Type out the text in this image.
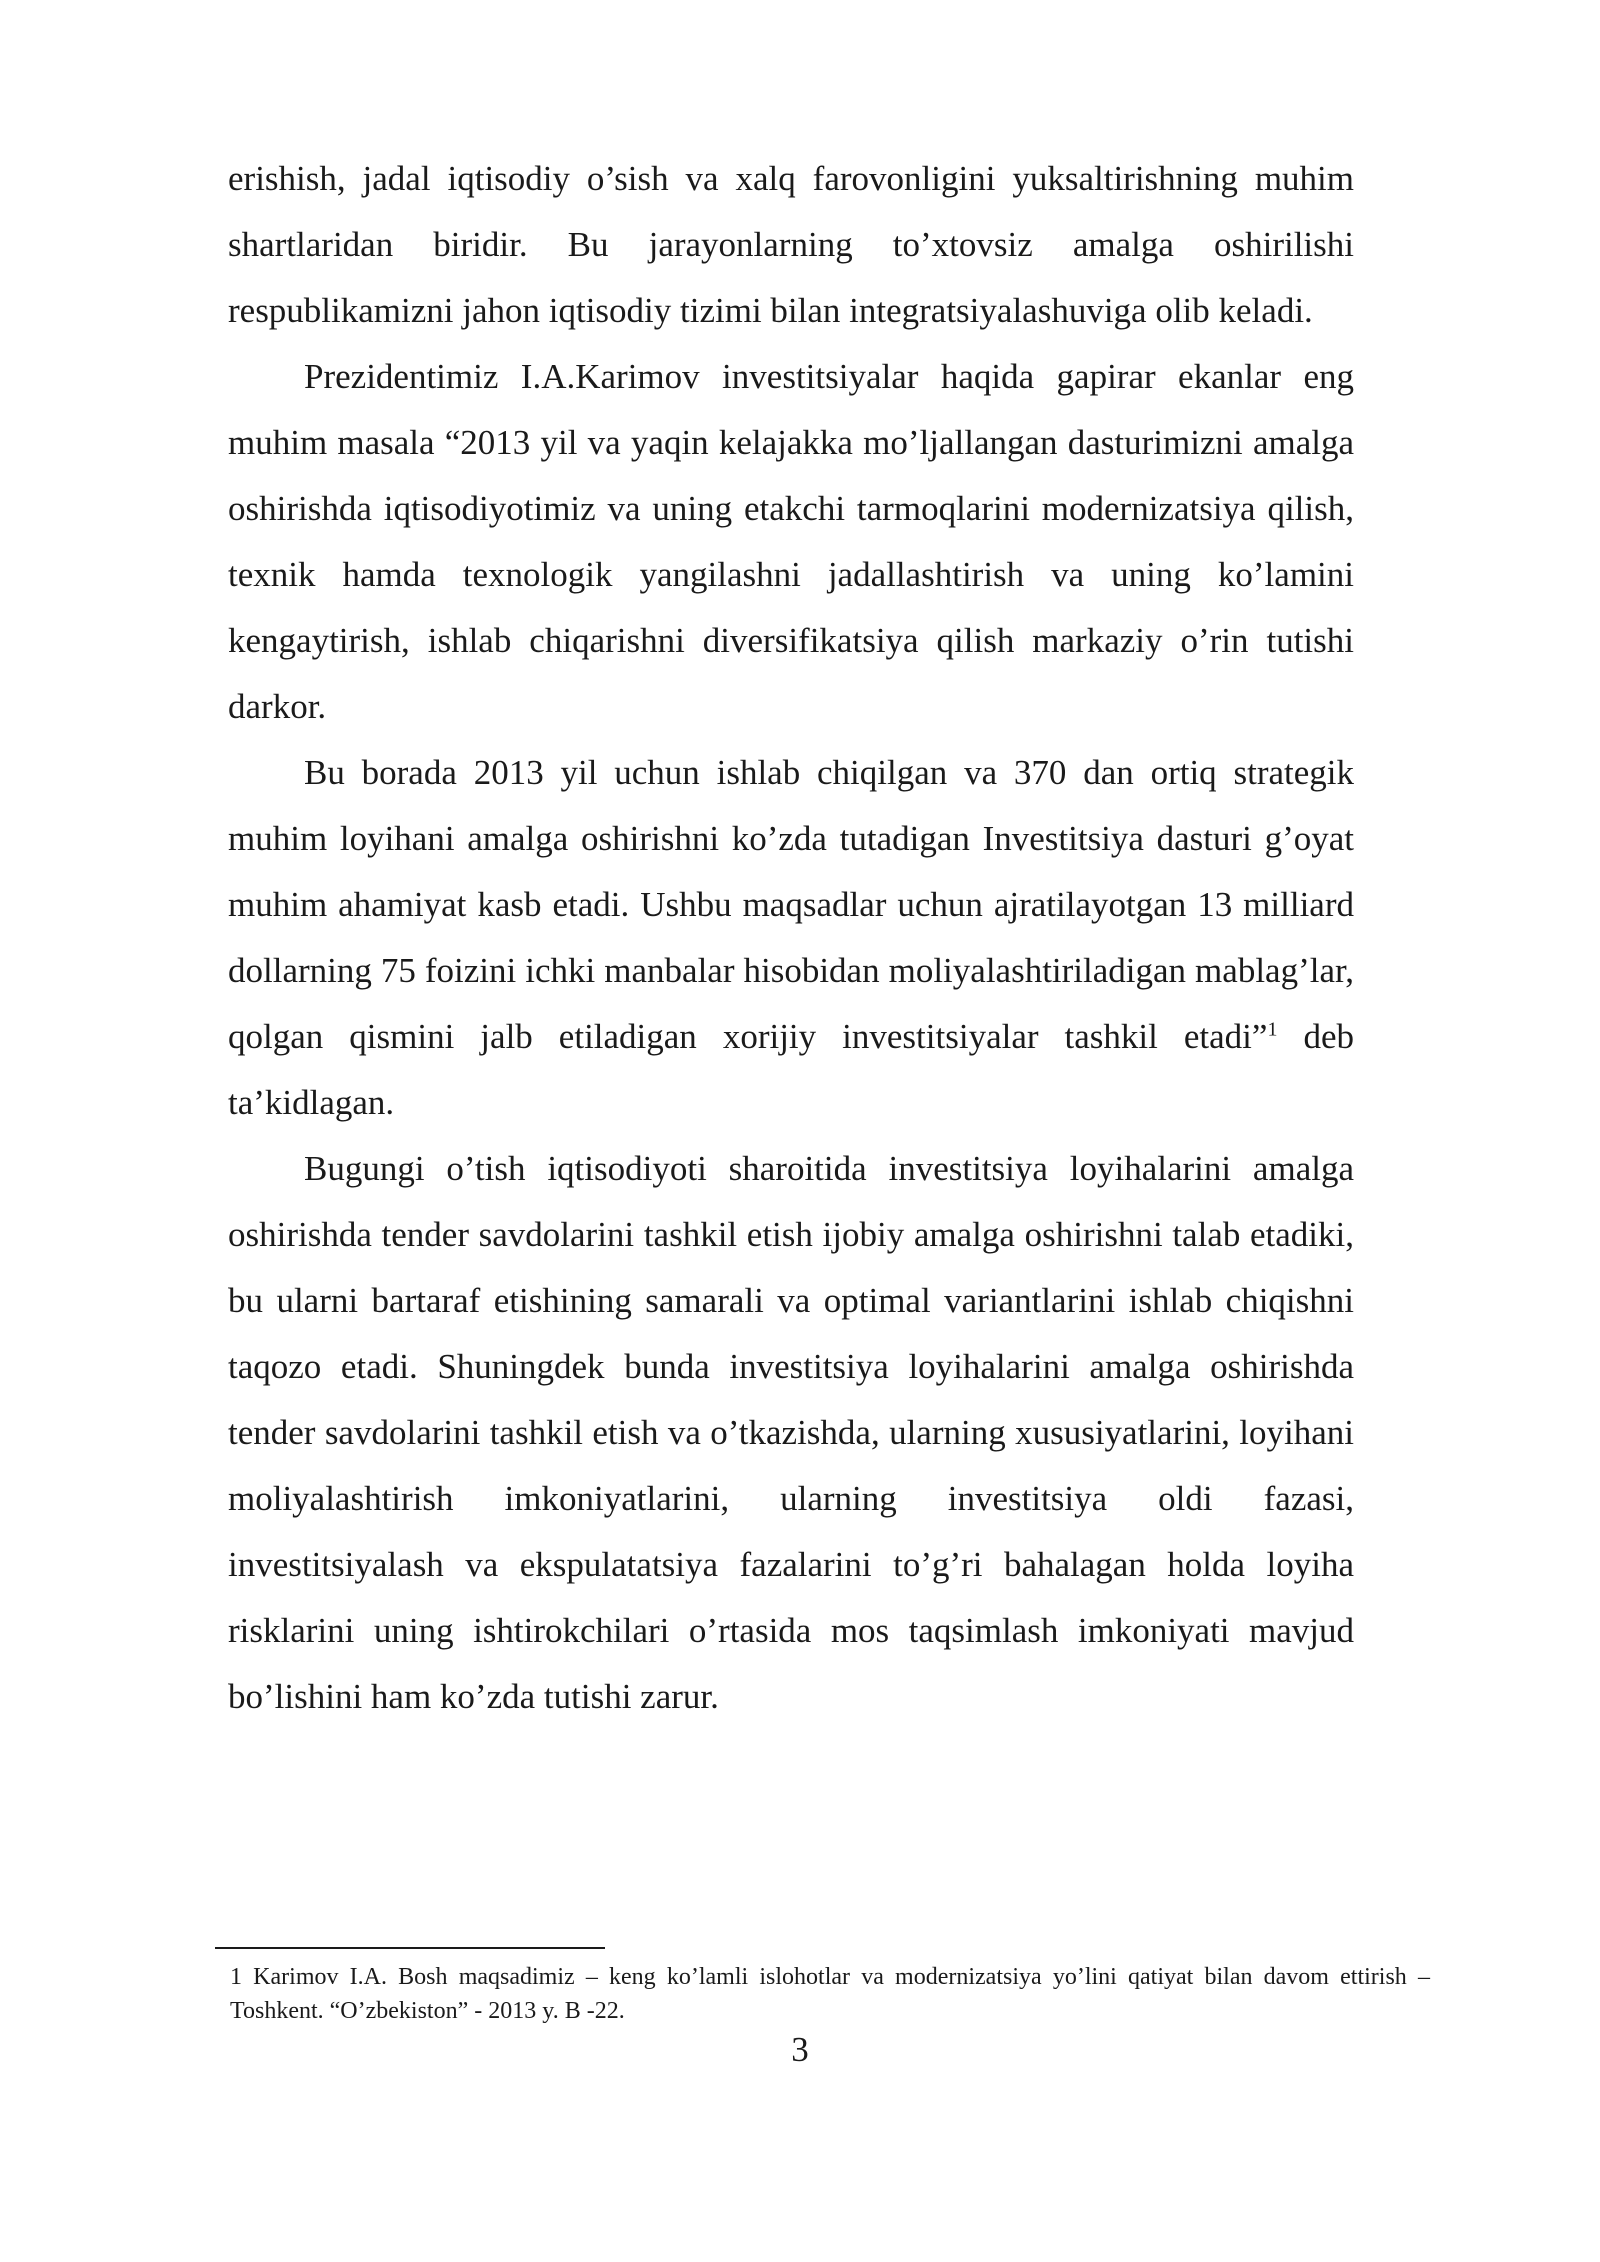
erishish, jadal iqtisodiy o’sish va xalq farovonligini yuksaltirishning muhim shartlaridan biridir. Bu jarayonlarning to’xtovsiz amalga oshirilishi respublikamizni jahon iqtisodiy tizimi bilan integratsiyalashuviga olib keladi.

Prezidentimiz I.A.Karimov investitsiyalar haqida gapirar ekanlar eng muhim masala “2013 yil va yaqin kelajakka mo’ljallangan dasturimizni amalga oshirishda iqtisodiyotimiz va uning etakchi tarmoqlarini modernizatsiya qilish, texnik hamda texnologik yangilashni jadallashtirish va uning ko’lamini kengaytirish, ishlab chiqarishni diversifikatsiya qilish markaziy o’rin tutishi darkor.

Bu borada 2013 yil uchun ishlab chiqilgan va 370 dan ortiq strategik muhim loyihani amalga oshirishni ko’zda tutadigan Investitsiya dasturi g’oyat muhim ahamiyat kasb etadi. Ushbu maqsadlar uchun ajratilayotgan 13 milliard dollarning 75 foizini ichki manbalar hisobidan moliyalashtiriladigan mablag’lar, qolgan qismini jalb etiladigan xorijiy investitsiyalar tashkil etadi”$^1$ deb ta’kidlagan.

Bugungi o’tish iqtisodiyoti sharoitida investitsiya loyihalarini amalga oshirishda tender savdolarini tashkil etish ijobiy amalga oshirishni talab etadiki, bu ularni bartaraf etishining samarali va optimal variantlarini ishlab chiqishni taqozo etadi. Shuningdek bunda investitsiya loyihalarini amalga oshirishda tender savdolarini tashkil etish va o’tkazishda, ularning xususiyatlarini, loyihani moliyalashtirish imkoniyatlarini, ularning investitsiya oldi fazasi, investitsiyalash va ekspulatatsiya fazalarini to’g’ri bahalagan holda loyiha risklarini uning ishtirokchilari o’rtasida mos taqsimlash imkoniyati mavjud bo’lishini ham ko’zda tutishi zarur.

1 Karimov I.A. Bosh maqsadimiz – keng ko’lamli islohotlar va modernizatsiya yo’lini qatiyat bilan davom ettirish – Toshkent. “O’zbekiston” - 2013 y. B -22.

3
